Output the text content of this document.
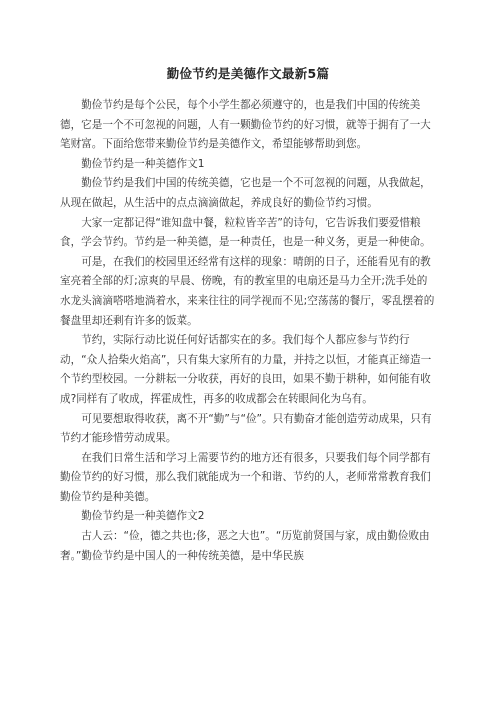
勤俭节约是美德作文最新5篇

勤俭节约是每个公民，每个小学生都必须遵守的，也是我们中国的传统美德，它是一个不可忽视的问题，人有一颗勤俭节约的好习惯，就等于拥有了一大笔财富。下面给您带来勤俭节约是美德作文，希望能够帮助到您。

勤俭节约是一种美德作文1

勤俭节约是我们中国的传统美德，它也是一个不可忽视的问题，从我做起，从现在做起，从生活中的点点滴滴做起，养成良好的勤俭节约习惯。

大家一定都记得“谁知盘中餐，粒粒皆辛苦”的诗句，它告诉我们要爱惜粮食，学会节约。节约是一种美德，是一种责任，也是一种义务，更是一种使命。

可是，在我们的校园里还经常有这样的现象：晴朗的日子，还能看见有的教室亮着全部的灯;凉爽的早晨、傍晚，有的教室里的电扇还是马力全开;洗手处的水龙头滴滴嗒嗒地淌着水，来来往往的同学视而不见;空荡荡的餐厅，零乱摆着的餐盘里却还剩有许多的饭菜。

节约，实际行动比说任何好话都实在的多。我们每个人都应参与节约行动，“众人拾柴火焰高”，只有集大家所有的力量，并持之以恒，才能真正缔造一个节约型校园。一分耕耘一分收获，再好的良田，如果不勤于耕种，如何能有收成?同样有了收成，挥霍成性，再多的收成都会在转眼间化为乌有。

可见要想取得收获，离不开“勤”与“俭”。只有勤奋才能创造劳动成果，只有节约才能珍惜劳动成果。

在我们日常生活和学习上需要节约的地方还有很多，只要我们每个同学都有勤俭节约的好习惯，那么我们就能成为一个和谐、节约的人，老师常常教育我们勤俭节约是种美德。

勤俭节约是一种美德作文2

古人云：“俭，德之共也;侈，恶之大也”。“历览前贤国与家，成由勤俭败由奢。”勤俭节约是中国人的一种传统美德，是中华民族
